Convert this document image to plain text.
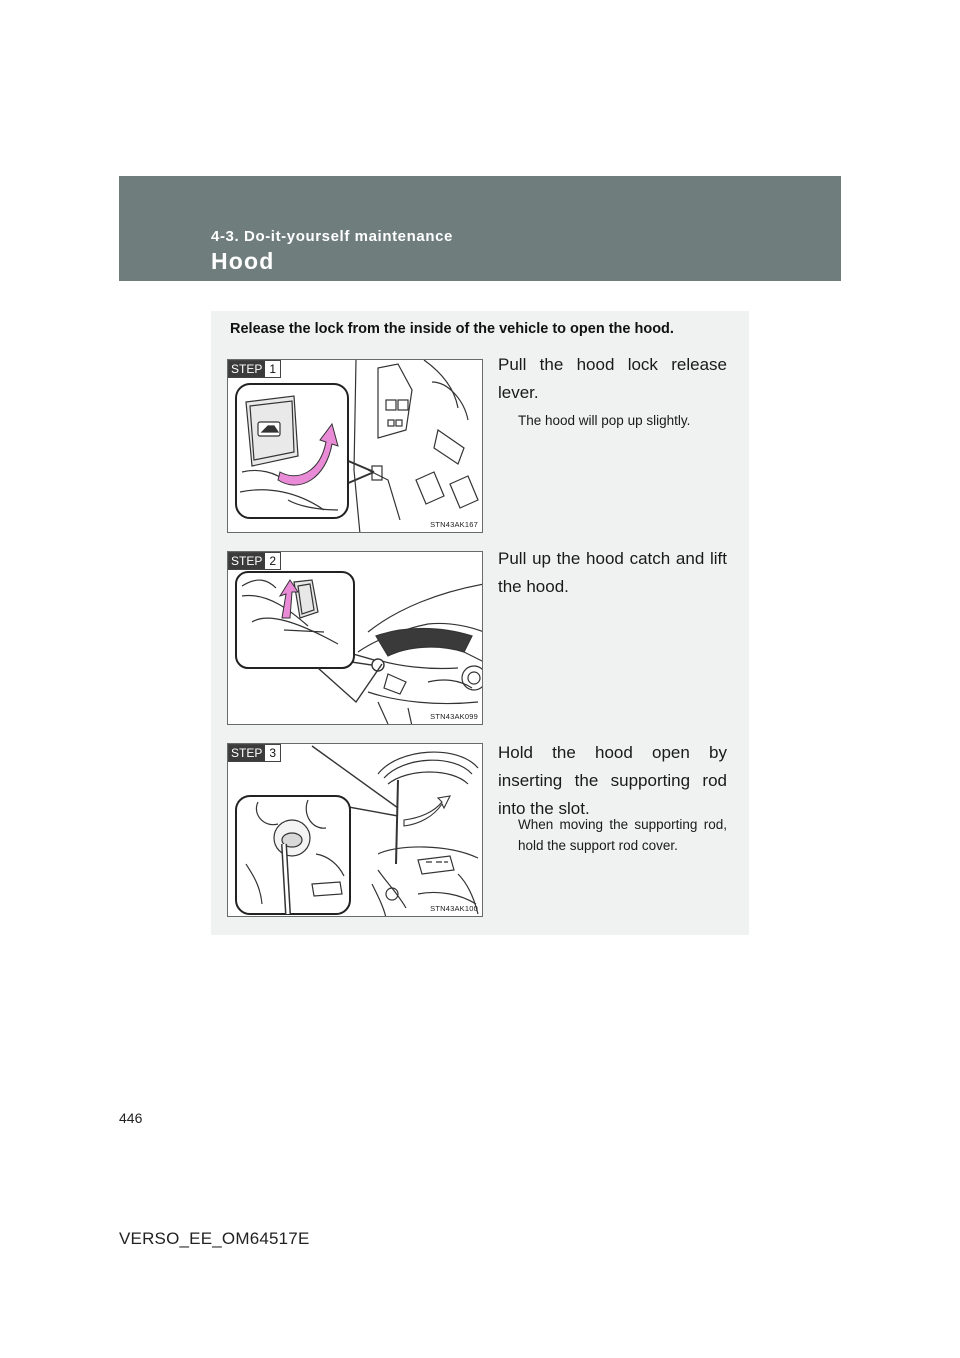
4-3. Do-it-yourself maintenance
Hood
Release the lock from the inside of the vehicle to open the hood.
STEP 1
STN43AK167
Pull the hood lock release lever.
The hood will pop up slightly.
STEP 2
STN43AK099
Pull up the hood catch and lift the hood.
STEP 3
STN43AK100
Hold the hood open by inserting the supporting rod into the slot.
When moving the supporting rod, hold the support rod cover.
446
VERSO_EE_OM64517E
